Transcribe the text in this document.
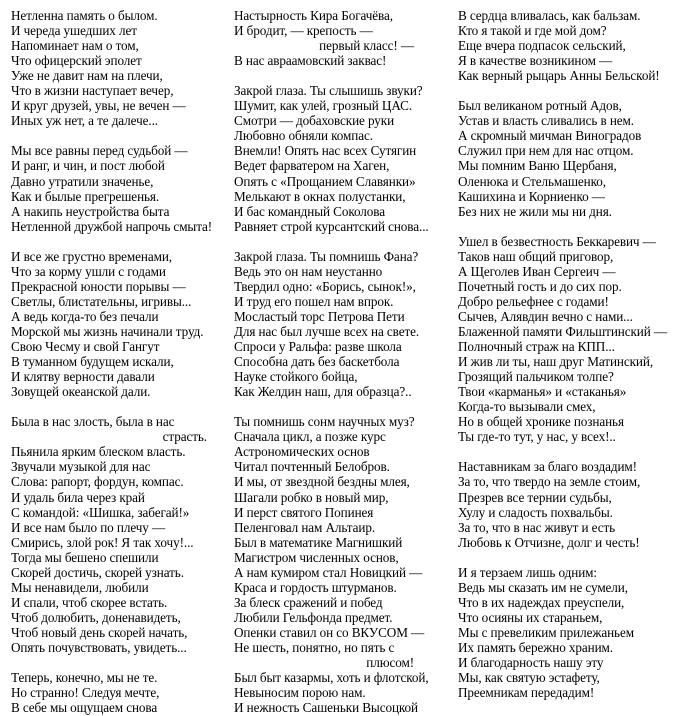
Нетленна память о былом.
И череда ушедших лет
Напоминает нам о том,
Что офицерский эполет
Уже не давит нам на плечи,
Что в жизни наступает вечер,
И круг друзей, увы, не вечен —
Иных уж нет, а те далече...
Мы все равны перед судьбой —
И ранг, и чин, и пост любой
Давно утратили значенье,
Как и былые прегрешенья.
А накипь неустройства быта
Нетленной дружбой напрочь смыта!
И все же грустно временами,
Что за корму ушли с годами
Прекрасной юности порывы —
Светлы, блистательны, игривы...
А ведь когда-то без печали
Морской мы жизнь начинали труд.
Свою Чесму и свой Гангут
В туманном будущем искали,
И клятву верности давали
Зовущей океанской дали.
Была в нас злость, была в нас
страсть.
Пьянила ярким блеском власть.
Звучали музыкой для нас
Слова: рапорт, фордун, компас.
И удаль била через край
С командой: «Шишка, забегай!»
И все нам было по плечу —
Смирись, злой рок! Я так хочу!...
Тогда мы бешено спешили
Скорей достичь, скорей узнать.
Мы ненавидели, любили
И спали, чтоб скорее встать.
Чтоб долюбить, доненавидеть,
Чтоб новый день скорей начать,
Опять почувствовать, увидеть...
Теперь, конечно, мы не те.
Но странно! Следуя мечте,
В себе мы ощущаем снова
Настырность Кира Богачёва,
И бродит, — крепость —
первый класс! —
В нас авраамовский заквас!
Закрой глаза. Ты слышишь звуки?
Шумит, как улей, грозный ЦАС.
Смотри — добаховские руки
Любовно обняли компас.
Внемли! Опять нас всех Сутягин
Ведет фарватером на Хаген,
Опять с «Прощанием Славянки»
Мелькают в окнах полустанки,
И бас командный Соколова
Равняет строй курсантский снова...
Закрой глаза. Ты помнишь Фана?
Ведь это он нам неустанно
Твердил одно: «Борись, сынок!»,
И труд его пошел нам впрок.
Мосластый торс Петрова Пети
Для нас был лучше всех на свете.
Спроси у Ральфа: разве школа
Способна дать без баскетбола
Науке стойкого бойца,
Как Желдин наш, для образца?..
Ты помнишь сонм научных муз?
Сначала цикл, а позже курс
Астрономических основ
Читал почтенный Белобров.
И мы, от звездной бездны млея,
Шагали робко в новый мир,
И перст святого Попинея
Пеленговал нам Альтаир.
Был в математике Магнишкий
Магистром численных основ,
А нам кумиром стал Новицкий —
Краса и гордость штурманов.
За блеск сражений и побед
Любили Гельфонда предмет.
Опенки ставил он со ВКУСОМ —
Не шесть, понятно, но пять с
плюсом!
Был быт казармы, хоть и флотской,
Невыносим порою нам.
И нежность Сашеньки Высоцкой
В сердца вливалась, как бальзам.
Кто я такой и где мой дом?
Еще вчера подпасок сельский,
Я в качестве возникином —
Как верный рыцарь Анны Бельской!
Был великаном ротный Адов,
Устав и власть сливались в нем.
А скромный мичман Виноградов
Служил при нем для нас отцом.
Мы помним Ваню Щербаня,
Оленюка и Стельмашенко,
Кашихина и Корниенко —
Без них не жили мы ни дня.
Ушел в безвестность Беккаревич —
Таков наш общий приговор,
А Щеголев Иван Сергеич —
Почетный гость и до сих пор.
Добро рельефнее с годами!
Сычев, Алявдин вечно с нами...
Блаженной памяти Фильштинский —
Полночный страж на КПП...
И жив ли ты, наш друг Матинский,
Грозящий пальчиком толпе?
Твои «карманья» и «стаканья»
Когда-то вызывали смех,
Но в общей хронике познанья
Ты где-то тут, у нас, у всех!..
Наставникам за благо воздадим!
За то, что твердо на земле стоим,
Презрев все тернии судьбы,
Хулу и сладость похвальбы.
За то, что в нас живут и есть
Любовь к Отчизне, долг и честь!
И я терзаем лишь одним:
Ведь мы сказать им не сумели,
Что в их надеждах преуспели,
Что осияны их стараньем,
Мы с превеликим прилежаньем
Их память бережно храним.
И благодарность нашу эту
Мы, как святую эстафету,
Преемникам передадим!
